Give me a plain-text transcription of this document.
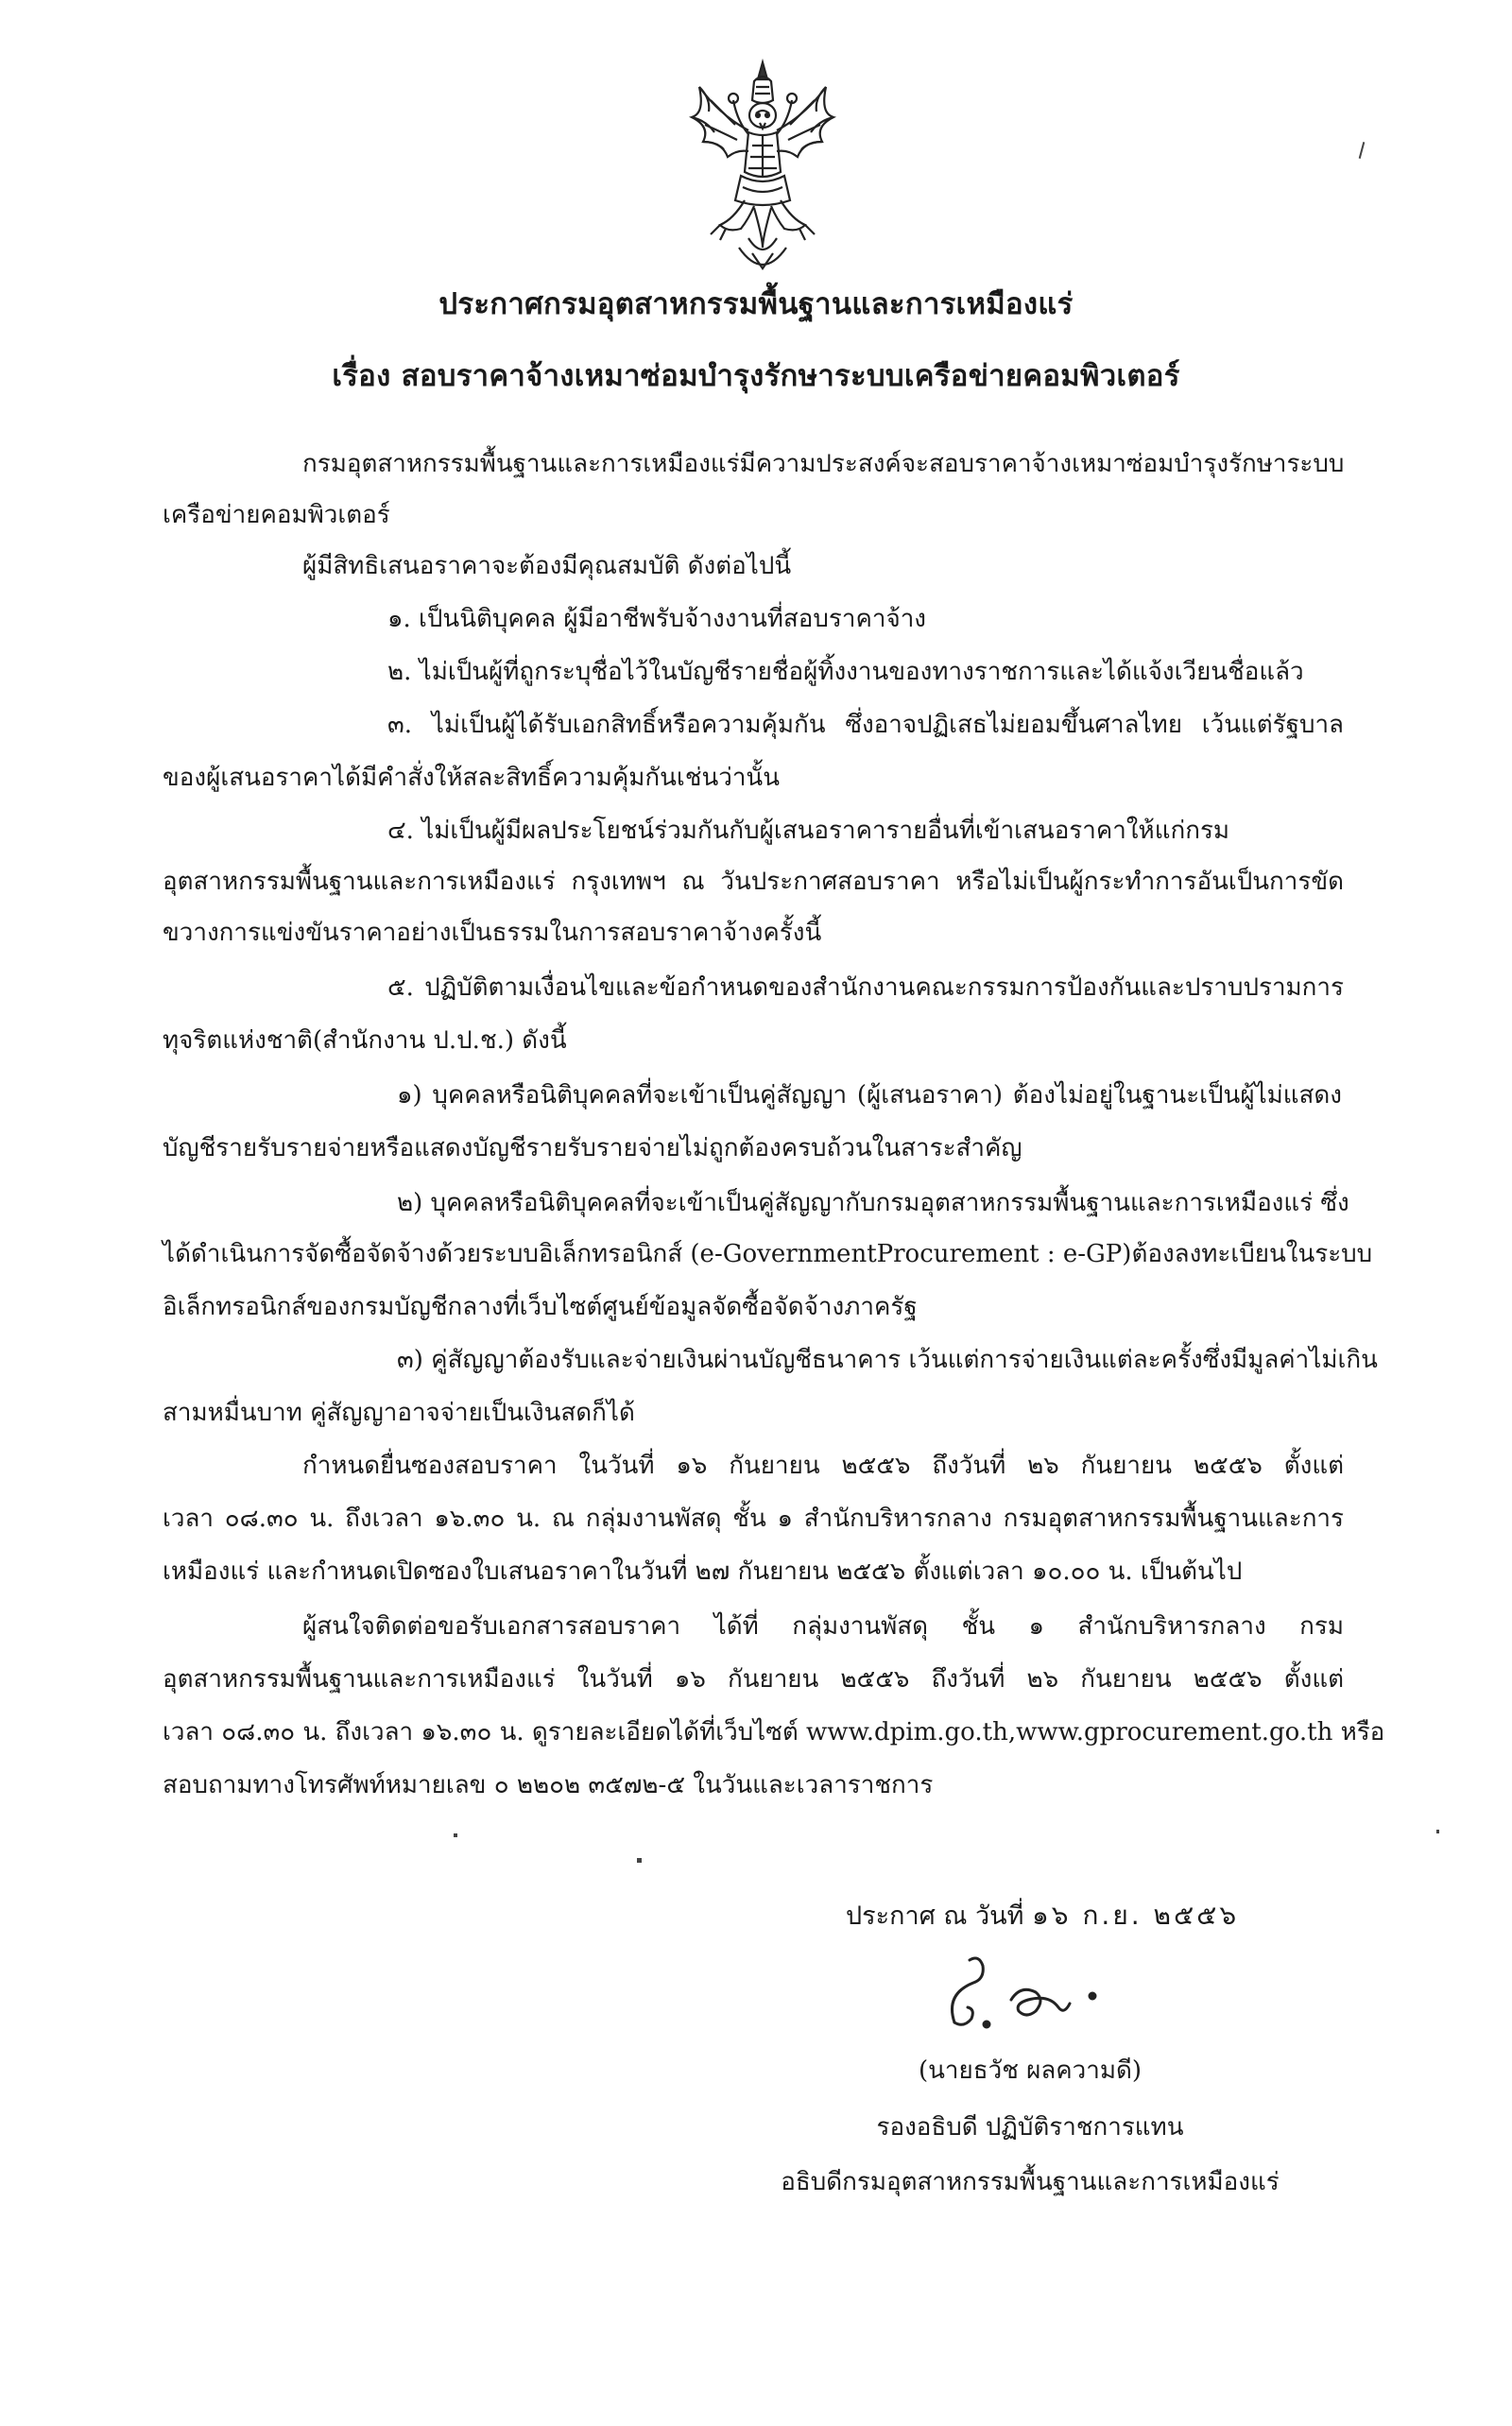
ประกาศกรมอุตสาหกรรมพื้นฐานและการเหมืองแร่
เรื่อง สอบราคาจ้างเหมาซ่อมบำรุงรักษาระบบเครือข่ายคอมพิวเตอร์
กรมอุตสาหกรรมพื้นฐานและการเหมืองแร่มีความประสงค์จะสอบราคาจ้างเหมาซ่อมบำรุงรักษาระบบ
เครือข่ายคอมพิวเตอร์
ผู้มีสิทธิเสนอราคาจะต้องมีคุณสมบัติ ดังต่อไปนี้
๑. เป็นนิติบุคคล ผู้มีอาชีพรับจ้างงานที่สอบราคาจ้าง
๒. ไม่เป็นผู้ที่ถูกระบุชื่อไว้ในบัญชีรายชื่อผู้ทิ้งงานของทางราชการและได้แจ้งเวียนชื่อแล้ว
๓. ไม่เป็นผู้ได้รับเอกสิทธิ์หรือความคุ้มกัน ซึ่งอาจปฏิเสธไม่ยอมขึ้นศาลไทย เว้นแต่รัฐบาล
ของผู้เสนอราคาได้มีคำสั่งให้สละสิทธิ์ความคุ้มกันเช่นว่านั้น
๔. ไม่เป็นผู้มีผลประโยชน์ร่วมกันกับผู้เสนอราคารายอื่นที่เข้าเสนอราคาให้แก่กรม
อุตสาหกรรมพื้นฐานและการเหมืองแร่ กรุงเทพฯ ณ วันประกาศสอบราคา หรือไม่เป็นผู้กระทำการอันเป็นการขัด
ขวางการแข่งขันราคาอย่างเป็นธรรมในการสอบราคาจ้างครั้งนี้
๕. ปฏิบัติตามเงื่อนไขและข้อกำหนดของสำนักงานคณะกรรมการป้องกันและปราบปรามการ
ทุจริตแห่งชาติ(สำนักงาน ป.ป.ช.) ดังนี้
๑) บุคคลหรือนิติบุคคลที่จะเข้าเป็นคู่สัญญา (ผู้เสนอราคา) ต้องไม่อยู่ในฐานะเป็นผู้ไม่แสดง
บัญชีรายรับรายจ่ายหรือแสดงบัญชีรายรับรายจ่ายไม่ถูกต้องครบถ้วนในสาระสำคัญ
๒) บุคคลหรือนิติบุคคลที่จะเข้าเป็นคู่สัญญากับกรมอุตสาหกรรมพื้นฐานและการเหมืองแร่ ซึ่ง
ได้ดำเนินการจัดซื้อจัดจ้างด้วยระบบอิเล็กทรอนิกส์ (e-GovernmentProcurement : e-GP)ต้องลงทะเบียนในระบบ
อิเล็กทรอนิกส์ของกรมบัญชีกลางที่เว็บไซต์ศูนย์ข้อมูลจัดซื้อจัดจ้างภาครัฐ
๓) คู่สัญญาต้องรับและจ่ายเงินผ่านบัญชีธนาคาร เว้นแต่การจ่ายเงินแต่ละครั้งซึ่งมีมูลค่าไม่เกิน
สามหมื่นบาท คู่สัญญาอาจจ่ายเป็นเงินสดก็ได้
กำหนดยื่นซองสอบราคา ในวันที่ ๑๖ กันยายน ๒๕๕๖ ถึงวันที่ ๒๖ กันยายน ๒๕๕๖ ตั้งแต่
เวลา ๐๘.๓๐ น. ถึงเวลา ๑๖.๓๐ น. ณ กลุ่มงานพัสดุ ชั้น ๑ สำนักบริหารกลาง กรมอุตสาหกรรมพื้นฐานและการ
เหมืองแร่ และกำหนดเปิดซองใบเสนอราคาในวันที่ ๒๗ กันยายน ๒๕๕๖ ตั้งแต่เวลา ๑๐.๐๐ น. เป็นต้นไป
ผู้สนใจติดต่อขอรับเอกสารสอบราคา ได้ที่ กลุ่มงานพัสดุ ชั้น ๑ สำนักบริหารกลาง กรม
อุตสาหกรรมพื้นฐานและการเหมืองแร่ ในวันที่ ๑๖ กันยายน ๒๕๕๖ ถึงวันที่ ๒๖ กันยายน ๒๕๕๖ ตั้งแต่
เวลา ๐๘.๓๐ น. ถึงเวลา ๑๖.๓๐ น. ดูรายละเอียดได้ที่เว็บไซต์ www.dpim.go.th,www.gprocurement.go.th หรือ
สอบถามทางโทรศัพท์หมายเลข ๐ ๒๒๐๒ ๓๕๗๒-๕ ในวันและเวลาราชการ
ประกาศ ณ วันที่ ๑๖ ก.ย. ๒๕๕๖
(นายธวัช ผลความดี)
รองอธิบดี ปฏิบัติราชการแทน
อธิบดีกรมอุตสาหกรรมพื้นฐานและการเหมืองแร่
